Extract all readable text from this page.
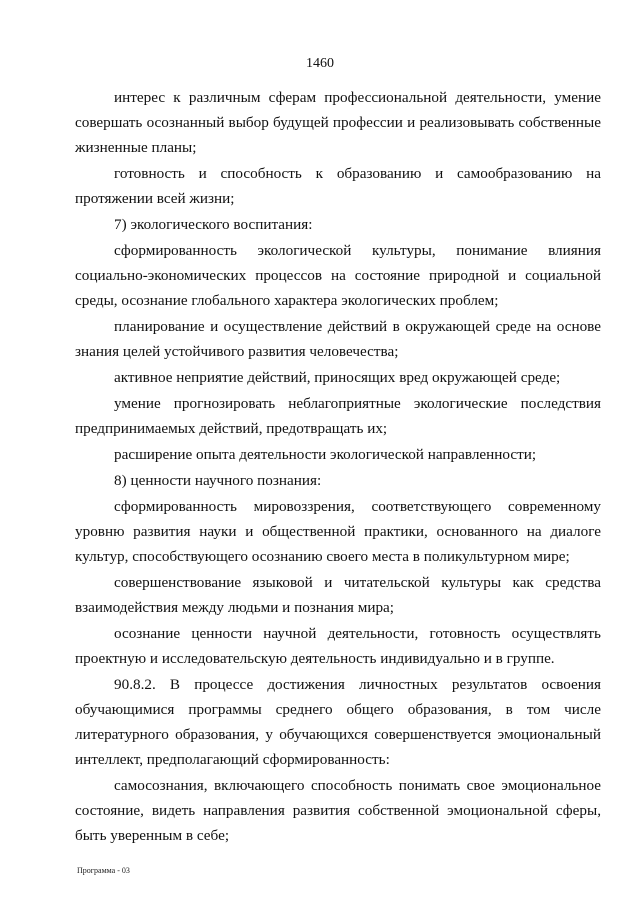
1460

интерес к различным сферам профессиональной деятельности, умение совершать осознанный выбор будущей профессии и реализовывать собственные жизненные планы;

готовность и способность к образованию и самообразованию на протяжении всей жизни;

7) экологического воспитания:

сформированность экологической культуры, понимание влияния социально-экономических процессов на состояние природной и социальной среды, осознание глобального характера экологических проблем;

планирование и осуществление действий в окружающей среде на основе знания целей устойчивого развития человечества;

активное неприятие действий, приносящих вред окружающей среде;

умение прогнозировать неблагоприятные экологические последствия предпринимаемых действий, предотвращать их;

расширение опыта деятельности экологической направленности;

8) ценности научного познания:

сформированность мировоззрения, соответствующего современному уровню развития науки и общественной практики, основанного на диалоге культур, способствующего осознанию своего места в поликультурном мире;

совершенствование языковой и читательской культуры как средства взаимодействия между людьми и познания мира;

осознание ценности научной деятельности, готовность осуществлять проектную и исследовательскую деятельность индивидуально и в группе.

90.8.2. В процессе достижения личностных результатов освоения обучающимися программы среднего общего образования, в том числе литературного образования, у обучающихся совершенствуется эмоциональный интеллект, предполагающий сформированность:

самосознания, включающего способность понимать свое эмоциональное состояние, видеть направления развития собственной эмоциональной сферы, быть уверенным в себе;

Программа - 03
